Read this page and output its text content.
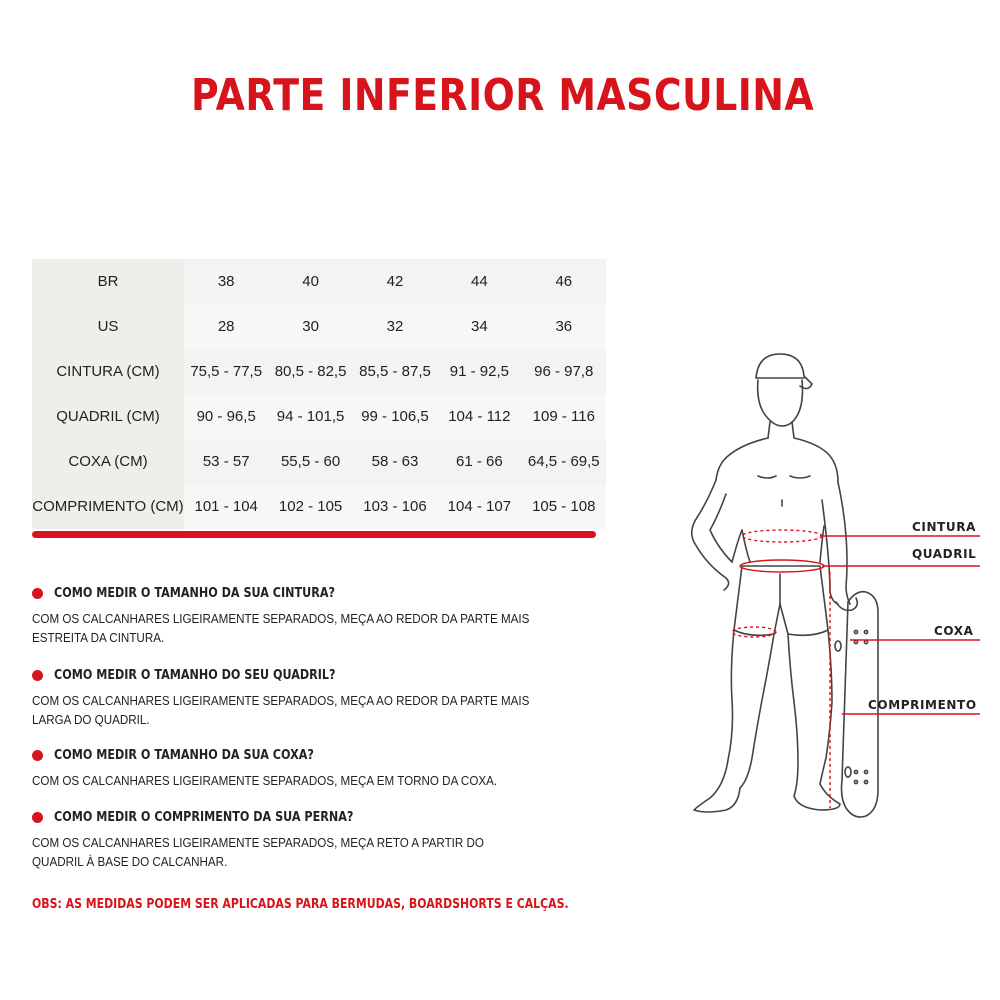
PARTE INFERIOR MASCULINA
BR	38	40	42	44	46
US	28	30	32	34	36
CINTURA (CM)	75,5 - 77,5	80,5 - 82,5	85,5 - 87,5	91 - 92,5	96 - 97,8
QUADRIL (CM)	90 - 96,5	94 - 101,5	99 - 106,5	104 - 112	109 - 116
COXA (CM)	53 - 57	55,5 - 60	58 - 63	61 - 66	64,5 - 69,5
COMPRIMENTO (CM)	101 - 104	102 - 105	103 - 106	104 - 107	105 - 108
COMO MEDIR O TAMANHO DA SUA CINTURA?

COM OS CALCANHARES LIGEIRAMENTE SEPARADOS, MEÇA AO REDOR DA PARTE MAIS ESTREITA DA CINTURA.

COMO MEDIR O TAMANHO DO SEU QUADRIL?

COM OS CALCANHARES LIGEIRAMENTE SEPARADOS, MEÇA AO REDOR DA PARTE MAIS LARGA DO QUADRIL.

COMO MEDIR O TAMANHO DA SUA COXA?

COM OS CALCANHARES LIGEIRAMENTE SEPARADOS, MEÇA EM TORNO DA COXA.

COMO MEDIR O COMPRIMENTO DA SUA PERNA?

COM OS CALCANHARES LIGEIRAMENTE SEPARADOS, MEÇA RETO A PARTIR DO QUADRIL À BASE DO CALCANHAR.

OBS: AS MEDIDAS PODEM SER APLICADAS PARA BERMUDAS, BOARDSHORTS E CALÇAS.

CINTURA
QUADRIL
COXA
COMPRIMENTO
